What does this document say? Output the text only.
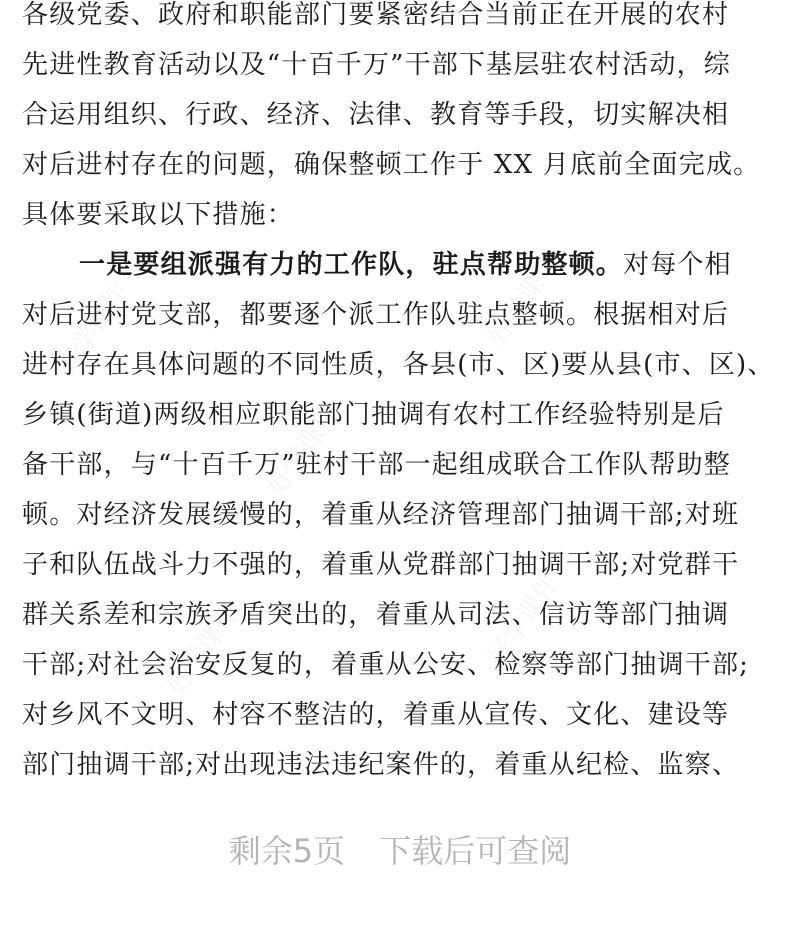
好学课件	好学课件
好学课件
好学课件	好学课件
各级党委、政府和职能部门要紧密结合当前正在开展的农村
先进性教育活动以及“十百千万”干部下基层驻农村活动，综
合运用组织、行政、经济、法律、教育等手段，切实解决相
对后进村存在的问题，确保整顿工作于 XX 月底前全面完成。
具体要采取以下措施：
一是要组派强有力的工作队，驻点帮助整顿。对每个相
对后进村党支部，都要逐个派工作队驻点整顿。根据相对后
进村存在具体问题的不同性质，各县(市、区)要从县(市、区)、
乡镇(街道)两级相应职能部门抽调有农村工作经验特别是后
备干部，与“十百千万”驻村干部一起组成联合工作队帮助整
顿。对经济发展缓慢的，着重从经济管理部门抽调干部;对班
子和队伍战斗力不强的，着重从党群部门抽调干部;对党群干
群关系差和宗族矛盾突出的，着重从司法、信访等部门抽调
干部;对社会治安反复的，着重从公安、检察等部门抽调干部;
对乡风不文明、村容不整洁的，着重从宣传、文化、建设等
部门抽调干部;对出现违法违纪案件的，着重从纪检、监察、
剩余5页 下载后可查阅
